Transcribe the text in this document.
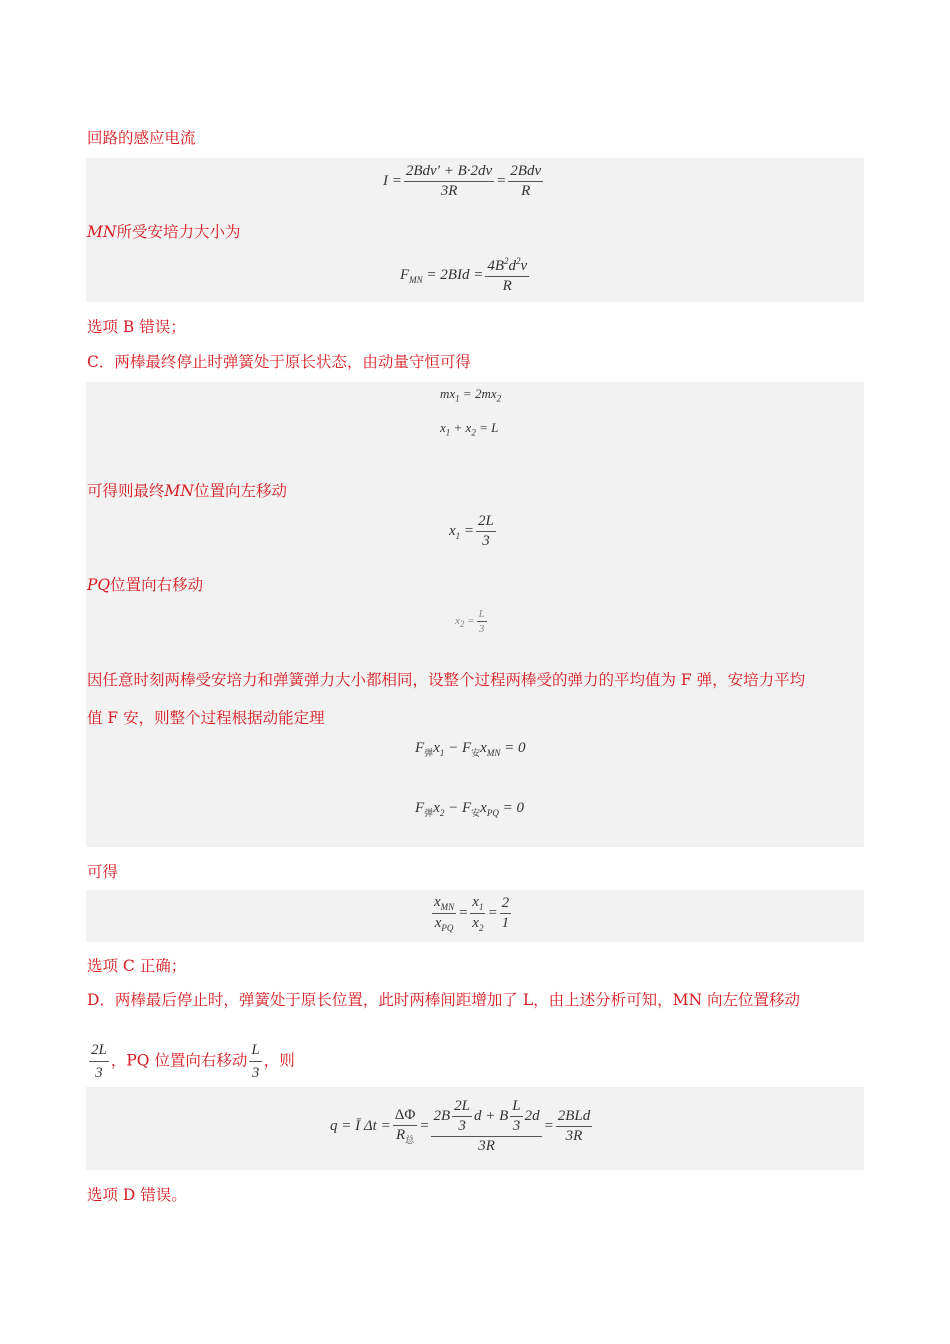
回路的感应电流
MN所受安培力大小为
选项 B 错误；
C．两棒最终停止时弹簧处于原长状态，由动量守恒可得
可得则最终MN位置向左移动
PQ位置向右移动
因任意时刻两棒受安培力和弹簧弹力大小都相同，设整个过程两棒受的弹力的平均值为 F 弹，安培力平均
值 F 安，则整个过程根据动能定理
可得
选项 C 正确；
D．两棒最后停止时，弹簧处于原长位置，此时两棒间距增加了 L，由上述分析可知，MN 向左位置移动
$\frac{2L}{3}$ ，PQ 位置向右移动 $\frac{L}{3}$ ，则
选项 D 错误。
$I = \frac{\text{2Bdv′ + B·2dv}}{3R} = \frac{\text{2Bdv}}{R}$
$F_{MN} = 2BId = \frac{4B^2d^2v}{R}$
$mx_1 = 2mx_2$
$x_1 + x_2 = L$
$x_1 = \frac{2L}{3}$
$x_2 = \frac{L}{3}$
$F_弹x_1 - F_安x_{MN} = 0$
$F_弹x_2 - F_安x_{PQ} = 0$
$\frac{x_{MN}}{x_{PQ}} = \frac{x_1}{x_2} = \frac{2}{1}$
q = Ī $\Delta t = \frac{\Delta\Phi}{R_总} = \frac{2B \frac{2L}{3} d + B \frac{L}{3} 2d}{3R} = \frac{\text{2BLd}}{3R}$
